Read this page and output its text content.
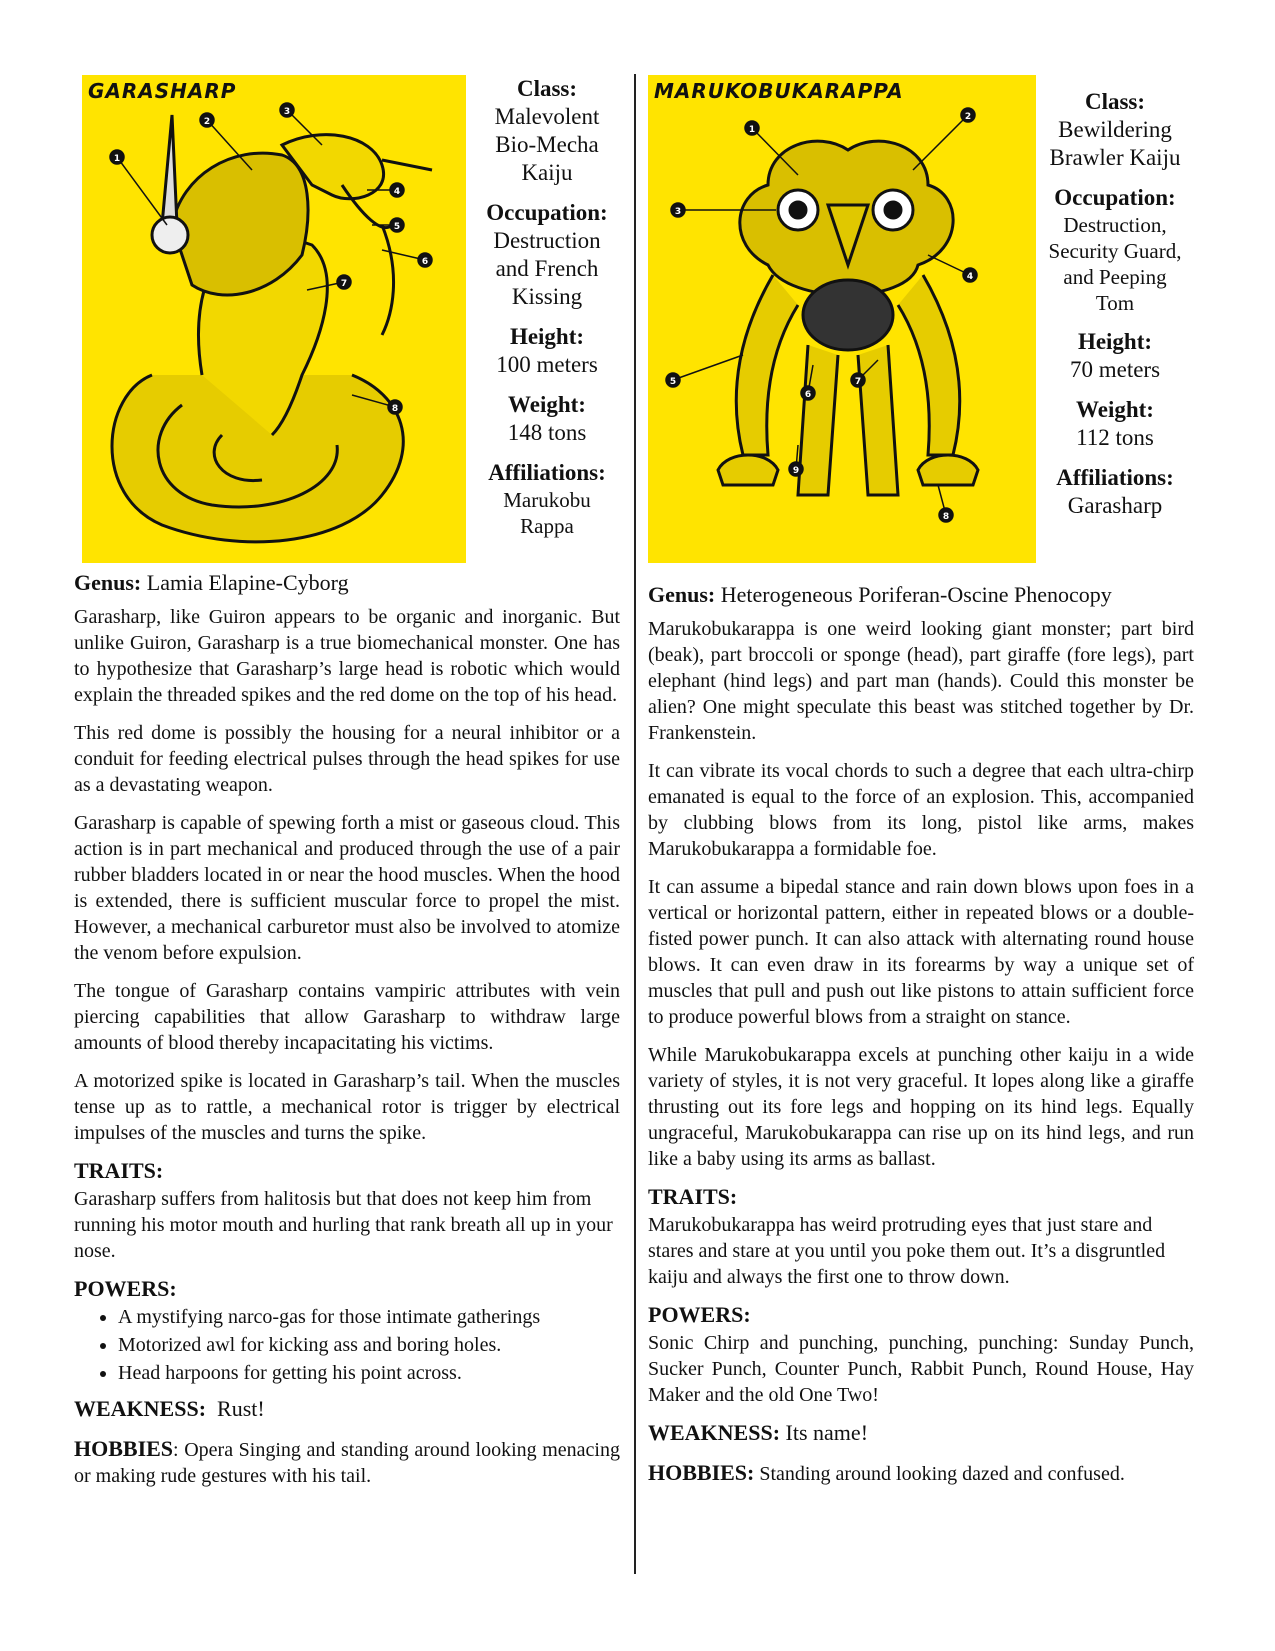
GARASHARP
1
2
3
4
5
6
7
8
Class:
Malevolent
Bio-Mecha
Kaiju
Occupation:
Destruction
and French
Kissing
Height:
100 meters
Weight:
148 tons
Affiliations:
Marukobu
Rappa
Genus: Lamia Elapine-Cyborg

Garasharp, like Guiron appears to be organic and inorganic. But unlike Guiron, Garasharp is a true biomechanical monster. One has to hypothesize that Garasharp’s large head is robotic which would explain the threaded spikes and the red dome on the top of his head.

This red dome is possibly the housing for a neural inhibitor or a conduit for feeding electrical pulses through the head spikes for use as a devastating weapon.

Garasharp is capable of spewing forth a mist or gaseous cloud. This action is in part mechanical and produced through the use of a pair rubber bladders located in or near the hood muscles. When the hood is extended, there is sufficient muscular force to propel the mist. However, a mechanical carburetor must also be involved to atomize the venom before expulsion.

The tongue of Garasharp contains vampiric attributes with vein piercing capabilities that allow Garasharp to withdraw large amounts of blood thereby incapacitating his victims.

A motorized spike is located in Garasharp’s tail. When the muscles tense up as to rattle, a mechanical rotor is trigger by electrical impulses of the muscles and turns the spike.

TRAITS:

Garasharp suffers from halitosis but that does not keep him from running his motor mouth and hurling that rank breath all up in your nose.

POWERS:
• A mystifying narco-gas for those intimate gatherings
• Motorized awl for kicking ass and boring holes.
• Head harpoons for getting his point across.
WEAKNESS:  Rust!

HOBBIES: Opera Singing and standing around looking menacing or making rude gestures with his tail.

MARUKOBUKARAPPA
1
2
3
4
5
6
7
8
9
Class:
Bewildering
Brawler Kaiju
Occupation:
Destruction,
Security Guard,
and Peeping
Tom
Height:
70 meters
Weight:
112 tons
Affiliations:
Garasharp
Genus: Heterogeneous Poriferan-Oscine Phenocopy

Marukobukarappa is one weird looking giant monster; part bird (beak), part broccoli or sponge (head), part giraffe (fore legs), part elephant (hind legs) and part man (hands). Could this monster be alien? One might speculate this beast was stitched together by Dr. Frankenstein.

It can vibrate its vocal chords to such a degree that each ultra-chirp emanated is equal to the force of an explosion. This, accompanied by clubbing blows from its long, pistol like arms, makes Marukobukarappa a formidable foe.

It can assume a bipedal stance and rain down blows upon foes in a vertical or horizontal pattern, either in repeated blows or a double-fisted power punch. It can also attack with alternating round house blows. It can even draw in its forearms by way a unique set of muscles that pull and push out like pistons to attain sufficient force to produce powerful blows from a straight on stance.

While Marukobukarappa excels at punching other kaiju in a wide variety of styles, it is not very graceful. It lopes along like a giraffe thrusting out its fore legs and hopping on its hind legs. Equally ungraceful, Marukobukarappa can rise up on its hind legs, and run like a baby using its arms as ballast.

TRAITS:

Marukobukarappa has weird protruding eyes that just stare and stares and stare at you until you poke them out. It’s a disgruntled kaiju and always the first one to throw down.

POWERS:

Sonic Chirp and punching, punching, punching: Sunday Punch, Sucker Punch, Counter Punch, Rabbit Punch, Round House, Hay Maker and the old One Two!

WEAKNESS: Its name!

HOBBIES: Standing around looking dazed and confused.
